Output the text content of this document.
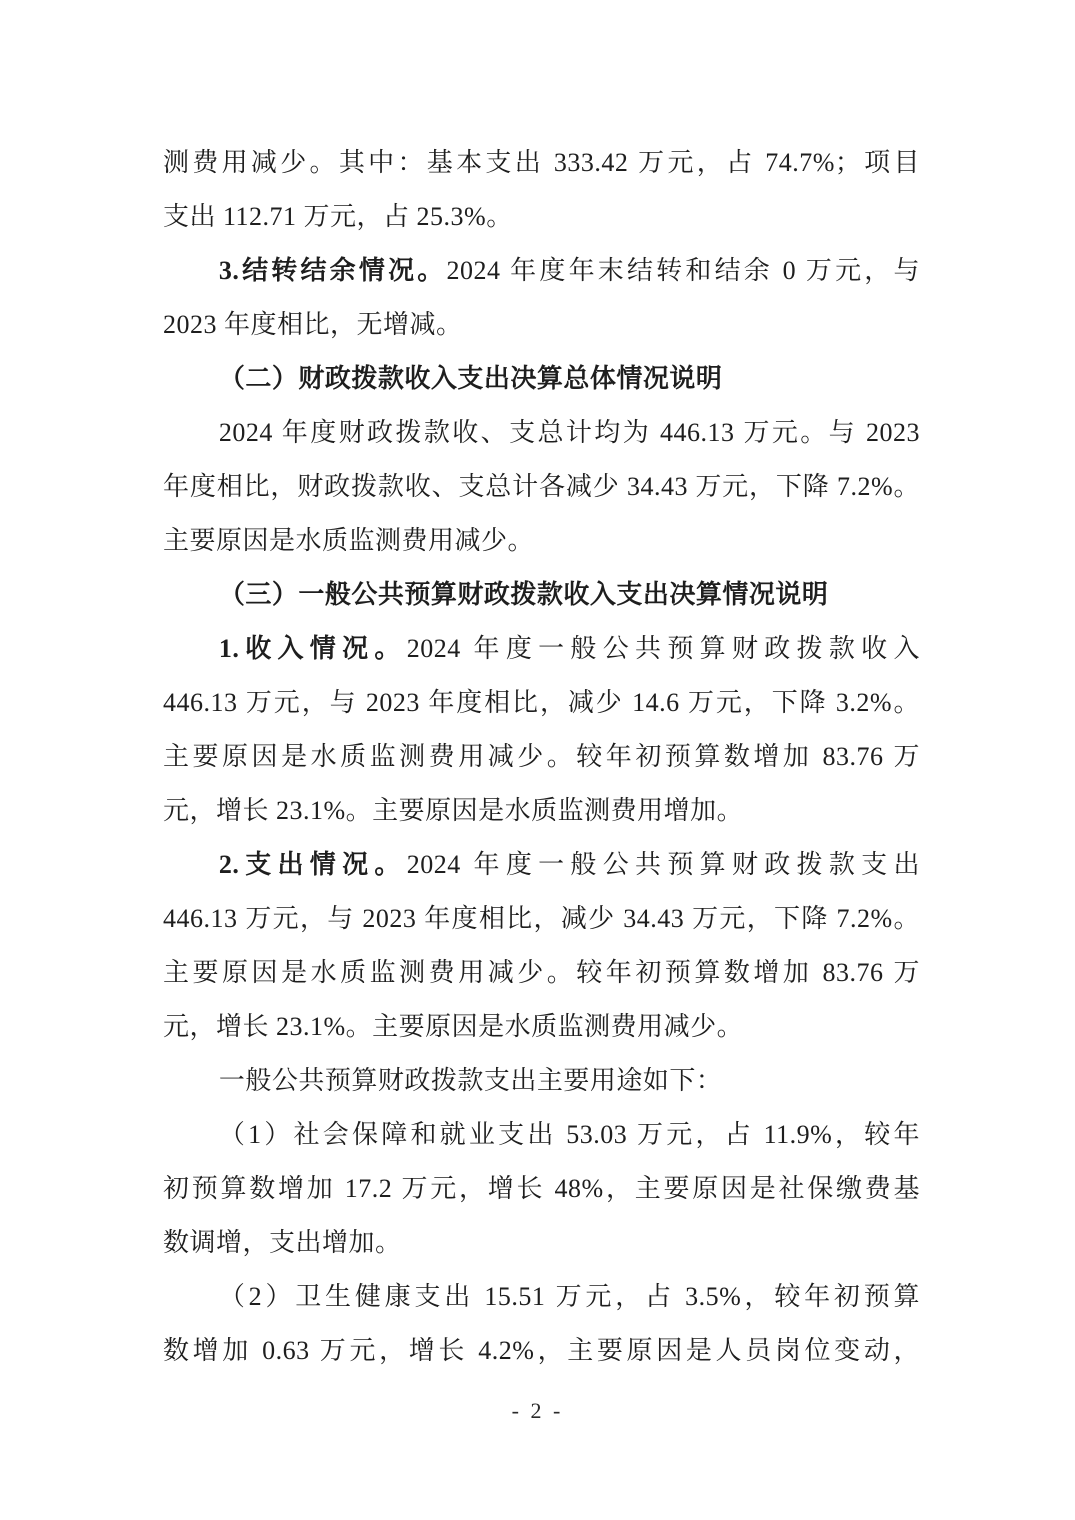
测费用减少。其中：基本支出 333.42 万元，占 74.7%；项目
支出 112.71 万元，占 25.3%。
3.结转结余情况。2024 年度年末结转和结余 0 万元，与
2023 年度相比，无增减。
（二）财政拨款收入支出决算总体情况说明
2024 年度财政拨款收、支总计均为 446.13 万元。与 2023
年度相比，财政拨款收、支总计各减少 34.43 万元，下降 7.2%。
主要原因是水质监测费用减少。
（三）一般公共预算财政拨款收入支出决算情况说明
1.收入情况。2024 年度一般公共预算财政拨款收入
446.13 万元，与 2023 年度相比，减少 14.6 万元，下降 3.2%。
主要原因是水质监测费用减少。较年初预算数增加 83.76 万
元，增长 23.1%。主要原因是水质监测费用增加。
2.支出情况。2024 年度一般公共预算财政拨款支出
446.13 万元，与 2023 年度相比，减少 34.43 万元，下降 7.2%。
主要原因是水质监测费用减少。较年初预算数增加 83.76 万
元，增长 23.1%。主要原因是水质监测费用减少。
一般公共预算财政拨款支出主要用途如下：
（1）社会保障和就业支出 53.03 万元，占 11.9%，较年
初预算数增加 17.2 万元，增长 48%，主要原因是社保缴费基
数调增，支出增加。
（2）卫生健康支出 15.51 万元，占 3.5%，较年初预算
数增加 0.63 万元，增长 4.2%，主要原因是人员岗位变动，
- 2 -
